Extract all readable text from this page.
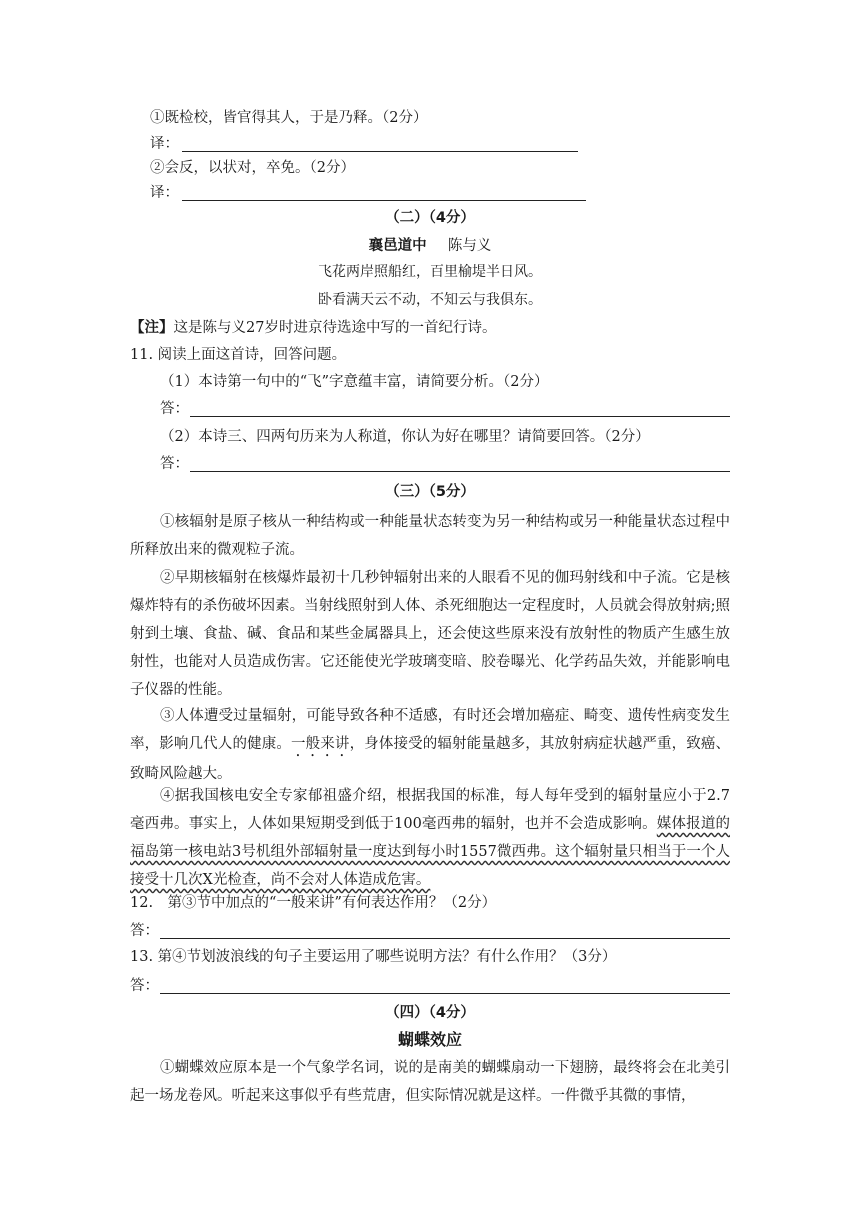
①既检校，皆官得其人，于是乃释。（2分）
译：
②会反，以状对，卒免。（2分）
译：
（二）（4分）
襄邑道中 陈与义
飞花两岸照船红，百里榆堤半日风。
卧看满天云不动，不知云与我俱东。
【注】这是陈与义27岁时进京待选途中写的一首纪行诗。
11. 阅读上面这首诗，回答问题。
（1）本诗第一句中的“飞”字意蕴丰富，请简要分析。（2分）
答：
（2）本诗三、四两句历来为人称道，你认为好在哪里？请简要回答。（2分）
答：
（三）（5分）
①核辐射是原子核从一种结构或一种能量状态转变为另一种结构或另一种能量状态过程中所释放出来的微观粒子流。
②早期核辐射在核爆炸最初十几秒钟辐射出来的人眼看不见的伽玛射线和中子流。它是核爆炸特有的杀伤破坏因素。当射线照射到人体、杀死细胞达一定程度时，人员就会得放射病;照射到土壤、食盐、碱、食品和某些金属器具上，还会使这些原来没有放射性的物质产生感生放射性，也能对人员造成伤害。它还能使光学玻璃变暗、胶卷曝光、化学药品失效，并能影响电子仪器的性能。
③人体遭受过量辐射，可能导致各种不适感，有时还会增加癌症、畸变、遗传性病变发生率，影响几代人的健康。一般来讲，身体接受的辐射能量越多，其放射病症状越严重，致癌、致畸风险越大。
④据我国核电安全专家郁祖盛介绍，根据我国的标准，每人每年受到的辐射量应小于2.7毫西弗。事实上，人体如果短期受到低于100毫西弗的辐射，也并不会造成影响。媒体报道的福岛第一核电站3号机组外部辐射量一度达到每小时1557微西弗。这个辐射量只相当于一个人接受十几次X光检查，尚不会对人体造成危害。
12.　第③节中加点的“一般来讲”有何表达作用？（2分）
答：
13. 第④节划波浪线的句子主要运用了哪些说明方法？有什么作用？（3分）
答：
（四）（4分）
蝴蝶效应
①蝴蝶效应原本是一个气象学名词，说的是南美的蝴蝶扇动一下翅膀，最终将会在北美引起一场龙卷风。听起来这事似乎有些荒唐，但实际情况就是这样。一件微乎其微的事情，
